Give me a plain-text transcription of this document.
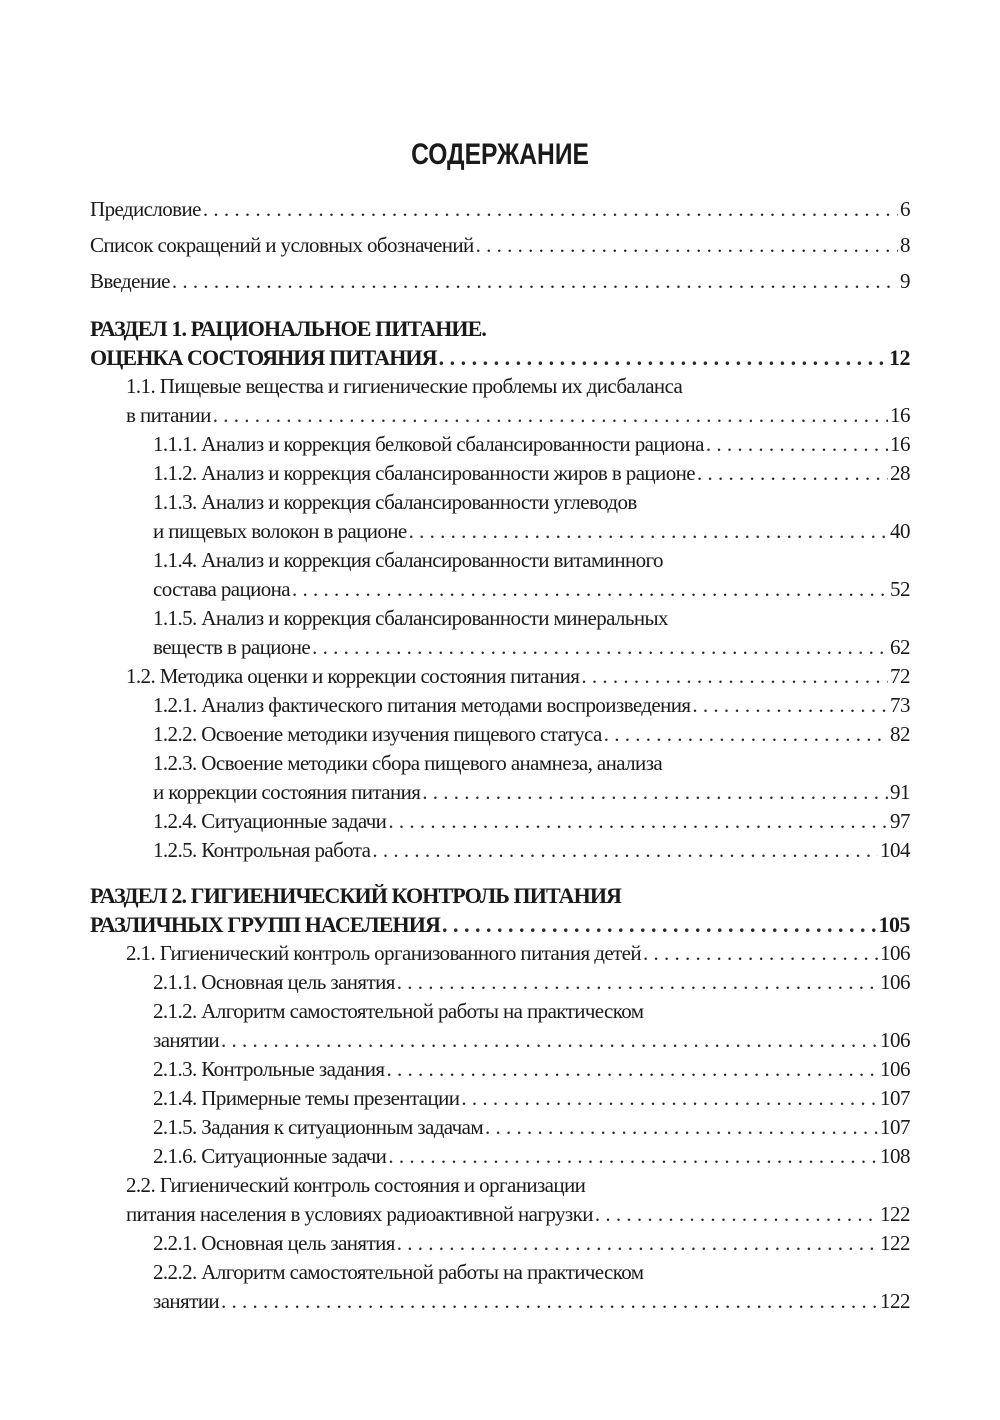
СОДЕРЖАНИЕ
Предисловие . . .	6
Список сокращений и условных обозначений . . .	8
Введение . . .	9
РАЗДЕЛ 1. РАЦИОНАЛЬНОЕ ПИТАНИЕ.
ОЦЕНКА СОСТОЯНИЯ ПИТАНИЯ . . .	12
1.1. Пищевые вещества и гигиенические проблемы их дисбаланса
в питании . . .	16
1.1.1. Анализ и коррекция белковой сбалансированности рациона . . .	16
1.1.2. Анализ и коррекция сбалансированности жиров в рационе . . .	28
1.1.3. Анализ и коррекция сбалансированности углеводов
и пищевых волокон в рационе . . .	40
1.1.4. Анализ и коррекция сбалансированности витаминного
состава рациона . . .	52
1.1.5. Анализ и коррекция сбалансированности минеральных
веществ в рационе . . .	62
1.2. Методика оценки и коррекции состояния питания . . .	72
1.2.1. Анализ фактического питания методами воспроизведения . . .	73
1.2.2. Освоение методики изучения пищевого статуса . . .	82
1.2.3. Освоение методики сбора пищевого анамнеза, анализа
и коррекции состояния питания . . .	91
1.2.4. Ситуационные задачи . . .	97
1.2.5. Контрольная работа . . .	104
РАЗДЕЛ 2. ГИГИЕНИЧЕСКИЙ КОНТРОЛЬ ПИТАНИЯ
РАЗЛИЧНЫХ ГРУПП НАСЕЛЕНИЯ . . .	105
2.1. Гигиенический контроль организованного питания детей . . .	106
2.1.1. Основная цель занятия . . .	106
2.1.2. Алгоритм самостоятельной работы на практическом
занятии . . .	106
2.1.3. Контрольные задания . . .	106
2.1.4. Примерные темы презентации . . .	107
2.1.5. Задания к ситуационным задачам . . .	107
2.1.6. Ситуационные задачи . . .	108
2.2. Гигиенический контроль состояния и организации
питания населения в условиях радиоактивной нагрузки . . .	122
2.2.1. Основная цель занятия . . .	122
2.2.2. Алгоритм самостоятельной работы на практическом
занятии . . .	122
